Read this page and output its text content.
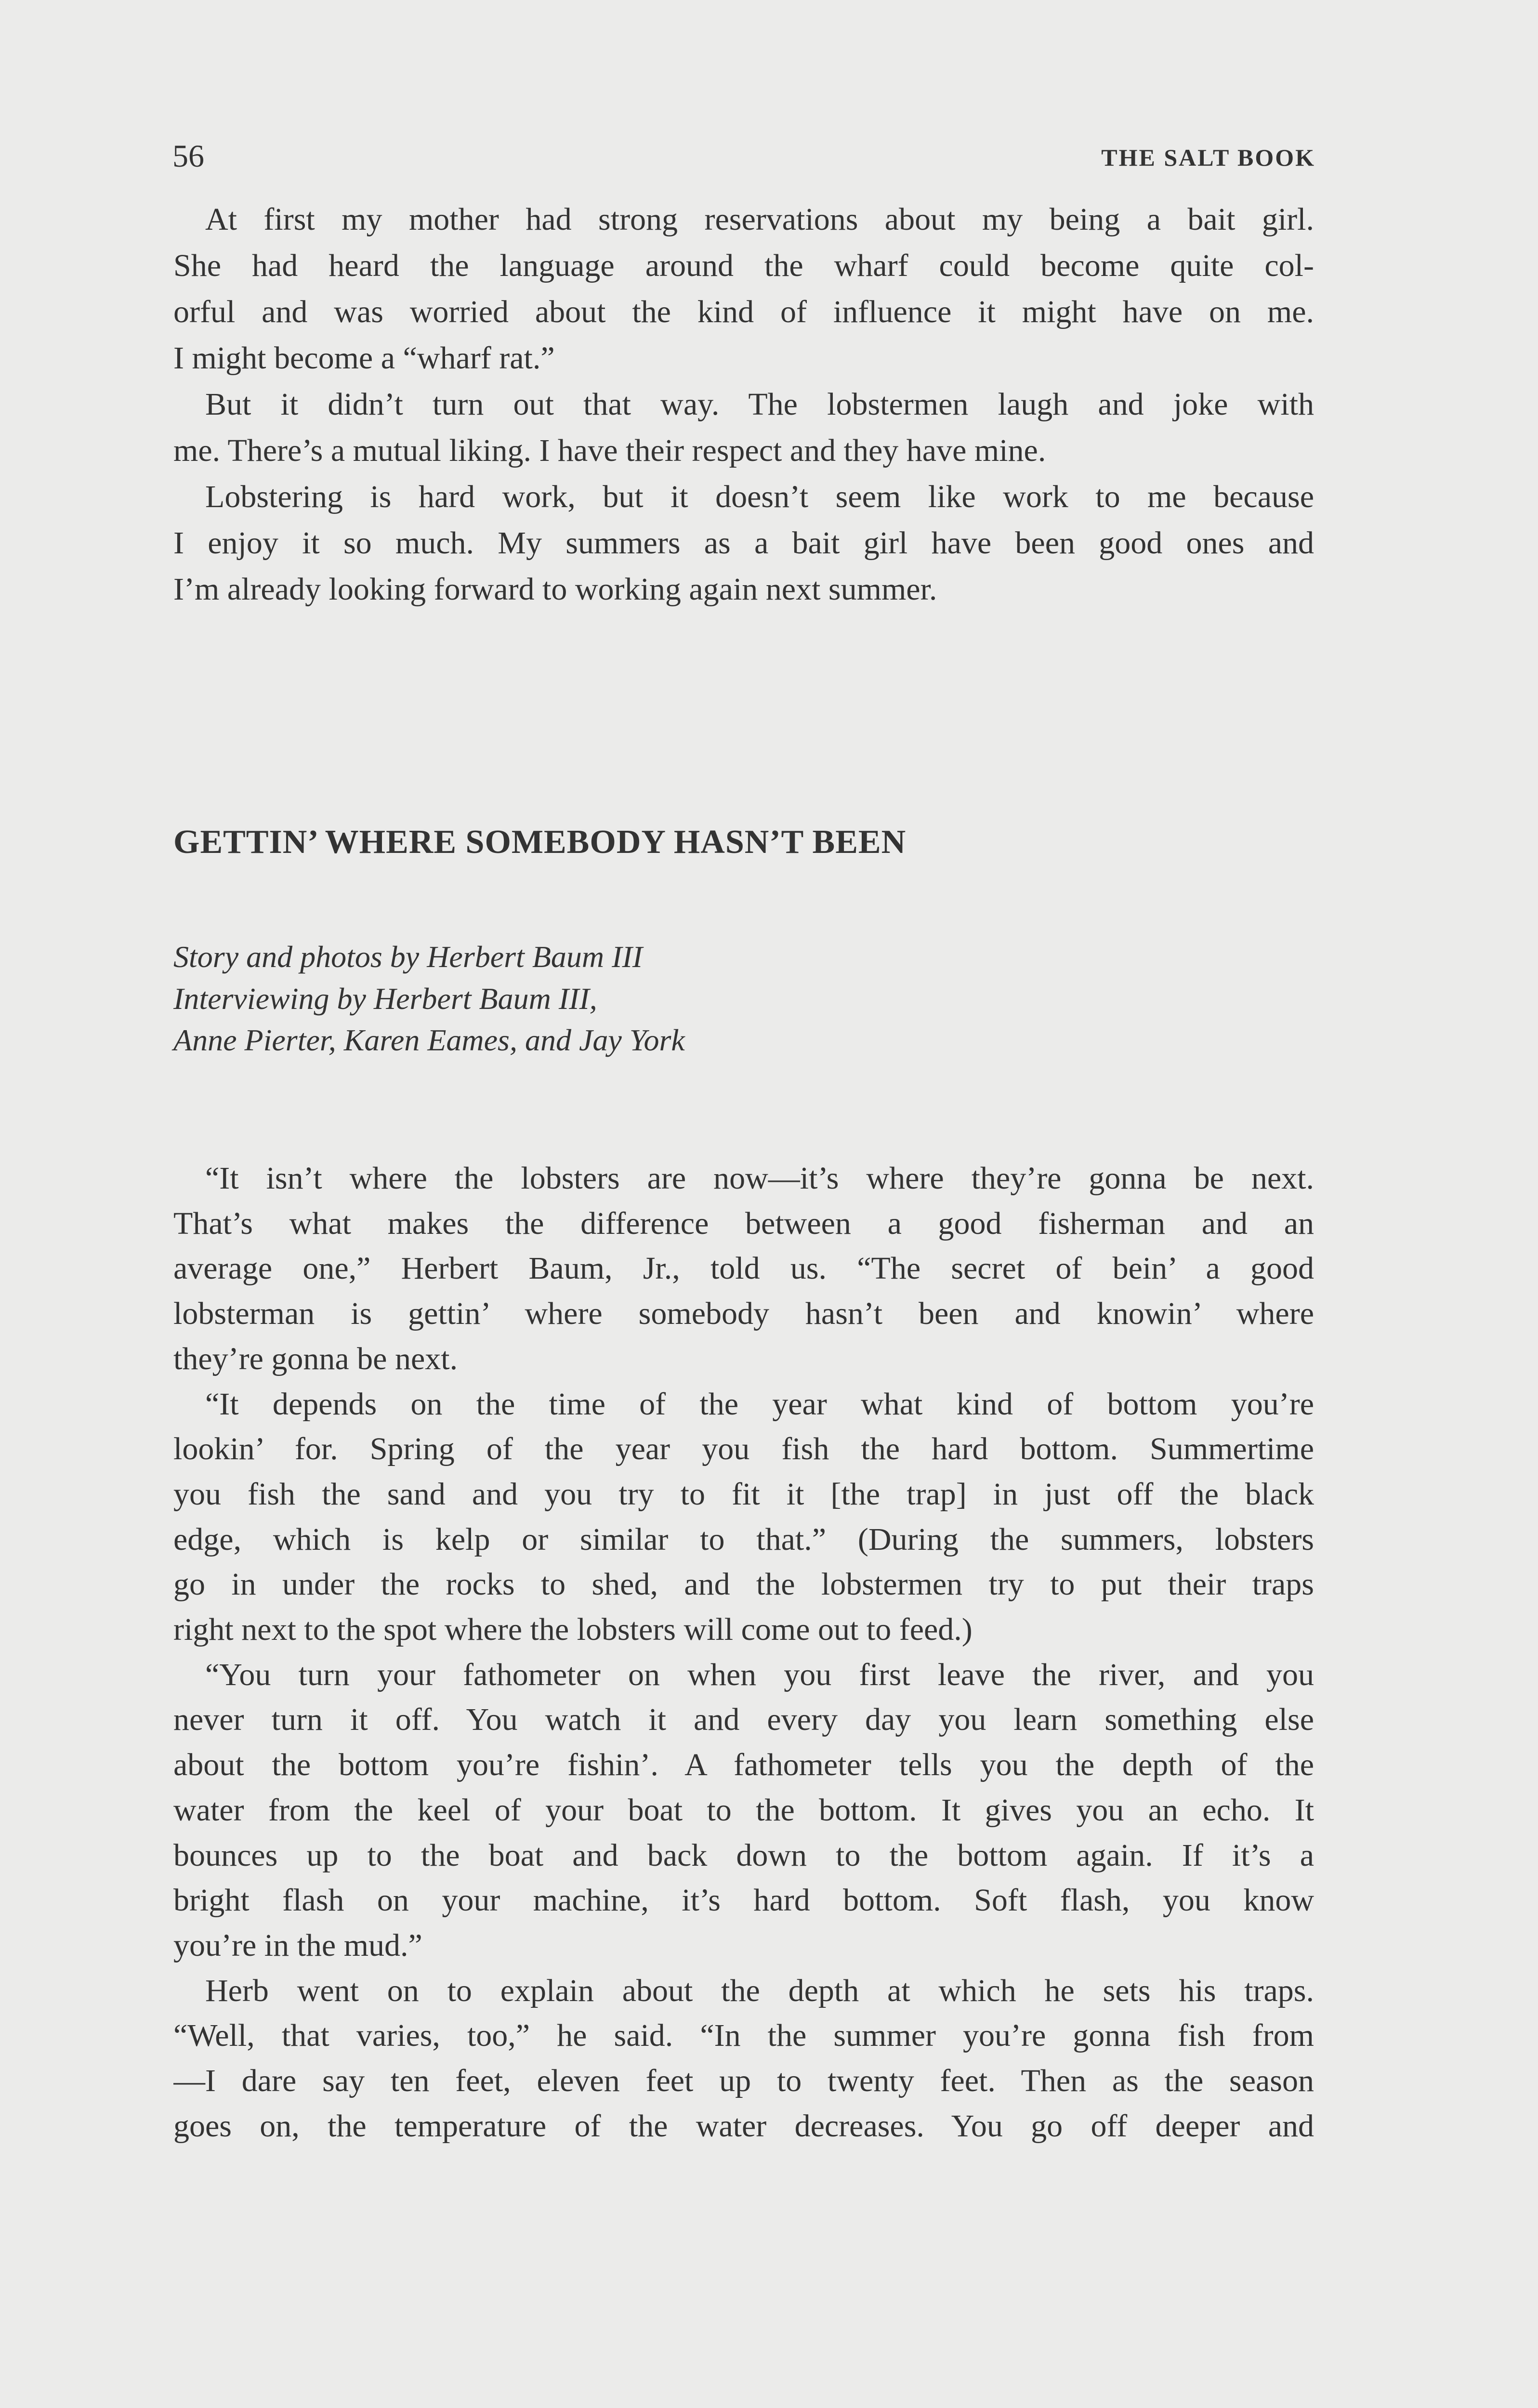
56	THE SALT BOOK
At first my mother had strong reservations about my being a bait girl.
She had heard the language around the wharf could become quite col-
orful and was worried about the kind of influence it might have on me.
I might become a “wharf rat.”
But it didn’t turn out that way. The lobstermen laugh and joke with
me. There’s a mutual liking. I have their respect and they have mine.
Lobstering is hard work, but it doesn’t seem like work to me because
I enjoy it so much. My summers as a bait girl have been good ones and
I’m already looking forward to working again next summer.
GETTIN’ WHERE SOMEBODY HASN’T BEEN
Story and photos by Herbert Baum III
Interviewing by Herbert Baum III,
Anne Pierter, Karen Eames, and Jay York
“It isn’t where the lobsters are now—it’s where they’re gonna be next.
That’s what makes the difference between a good fisherman and an
average one,” Herbert Baum, Jr., told us. “The secret of bein’ a good
lobsterman is gettin’ where somebody hasn’t been and knowin’ where
they’re gonna be next.
“It depends on the time of the year what kind of bottom you’re
lookin’ for. Spring of the year you fish the hard bottom. Summertime
you fish the sand and you try to fit it [the trap] in just off the black
edge, which is kelp or similar to that.” (During the summers, lobsters
go in under the rocks to shed, and the lobstermen try to put their traps
right next to the spot where the lobsters will come out to feed.)
“You turn your fathometer on when you first leave the river, and you
never turn it off. You watch it and every day you learn something else
about the bottom you’re fishin’. A fathometer tells you the depth of the
water from the keel of your boat to the bottom. It gives you an echo. It
bounces up to the boat and back down to the bottom again. If it’s a
bright flash on your machine, it’s hard bottom. Soft flash, you know
you’re in the mud.”
Herb went on to explain about the depth at which he sets his traps.
“Well, that varies, too,” he said. “In the summer you’re gonna fish from
—I dare say ten feet, eleven feet up to twenty feet. Then as the season
goes on, the temperature of the water decreases. You go off deeper and
